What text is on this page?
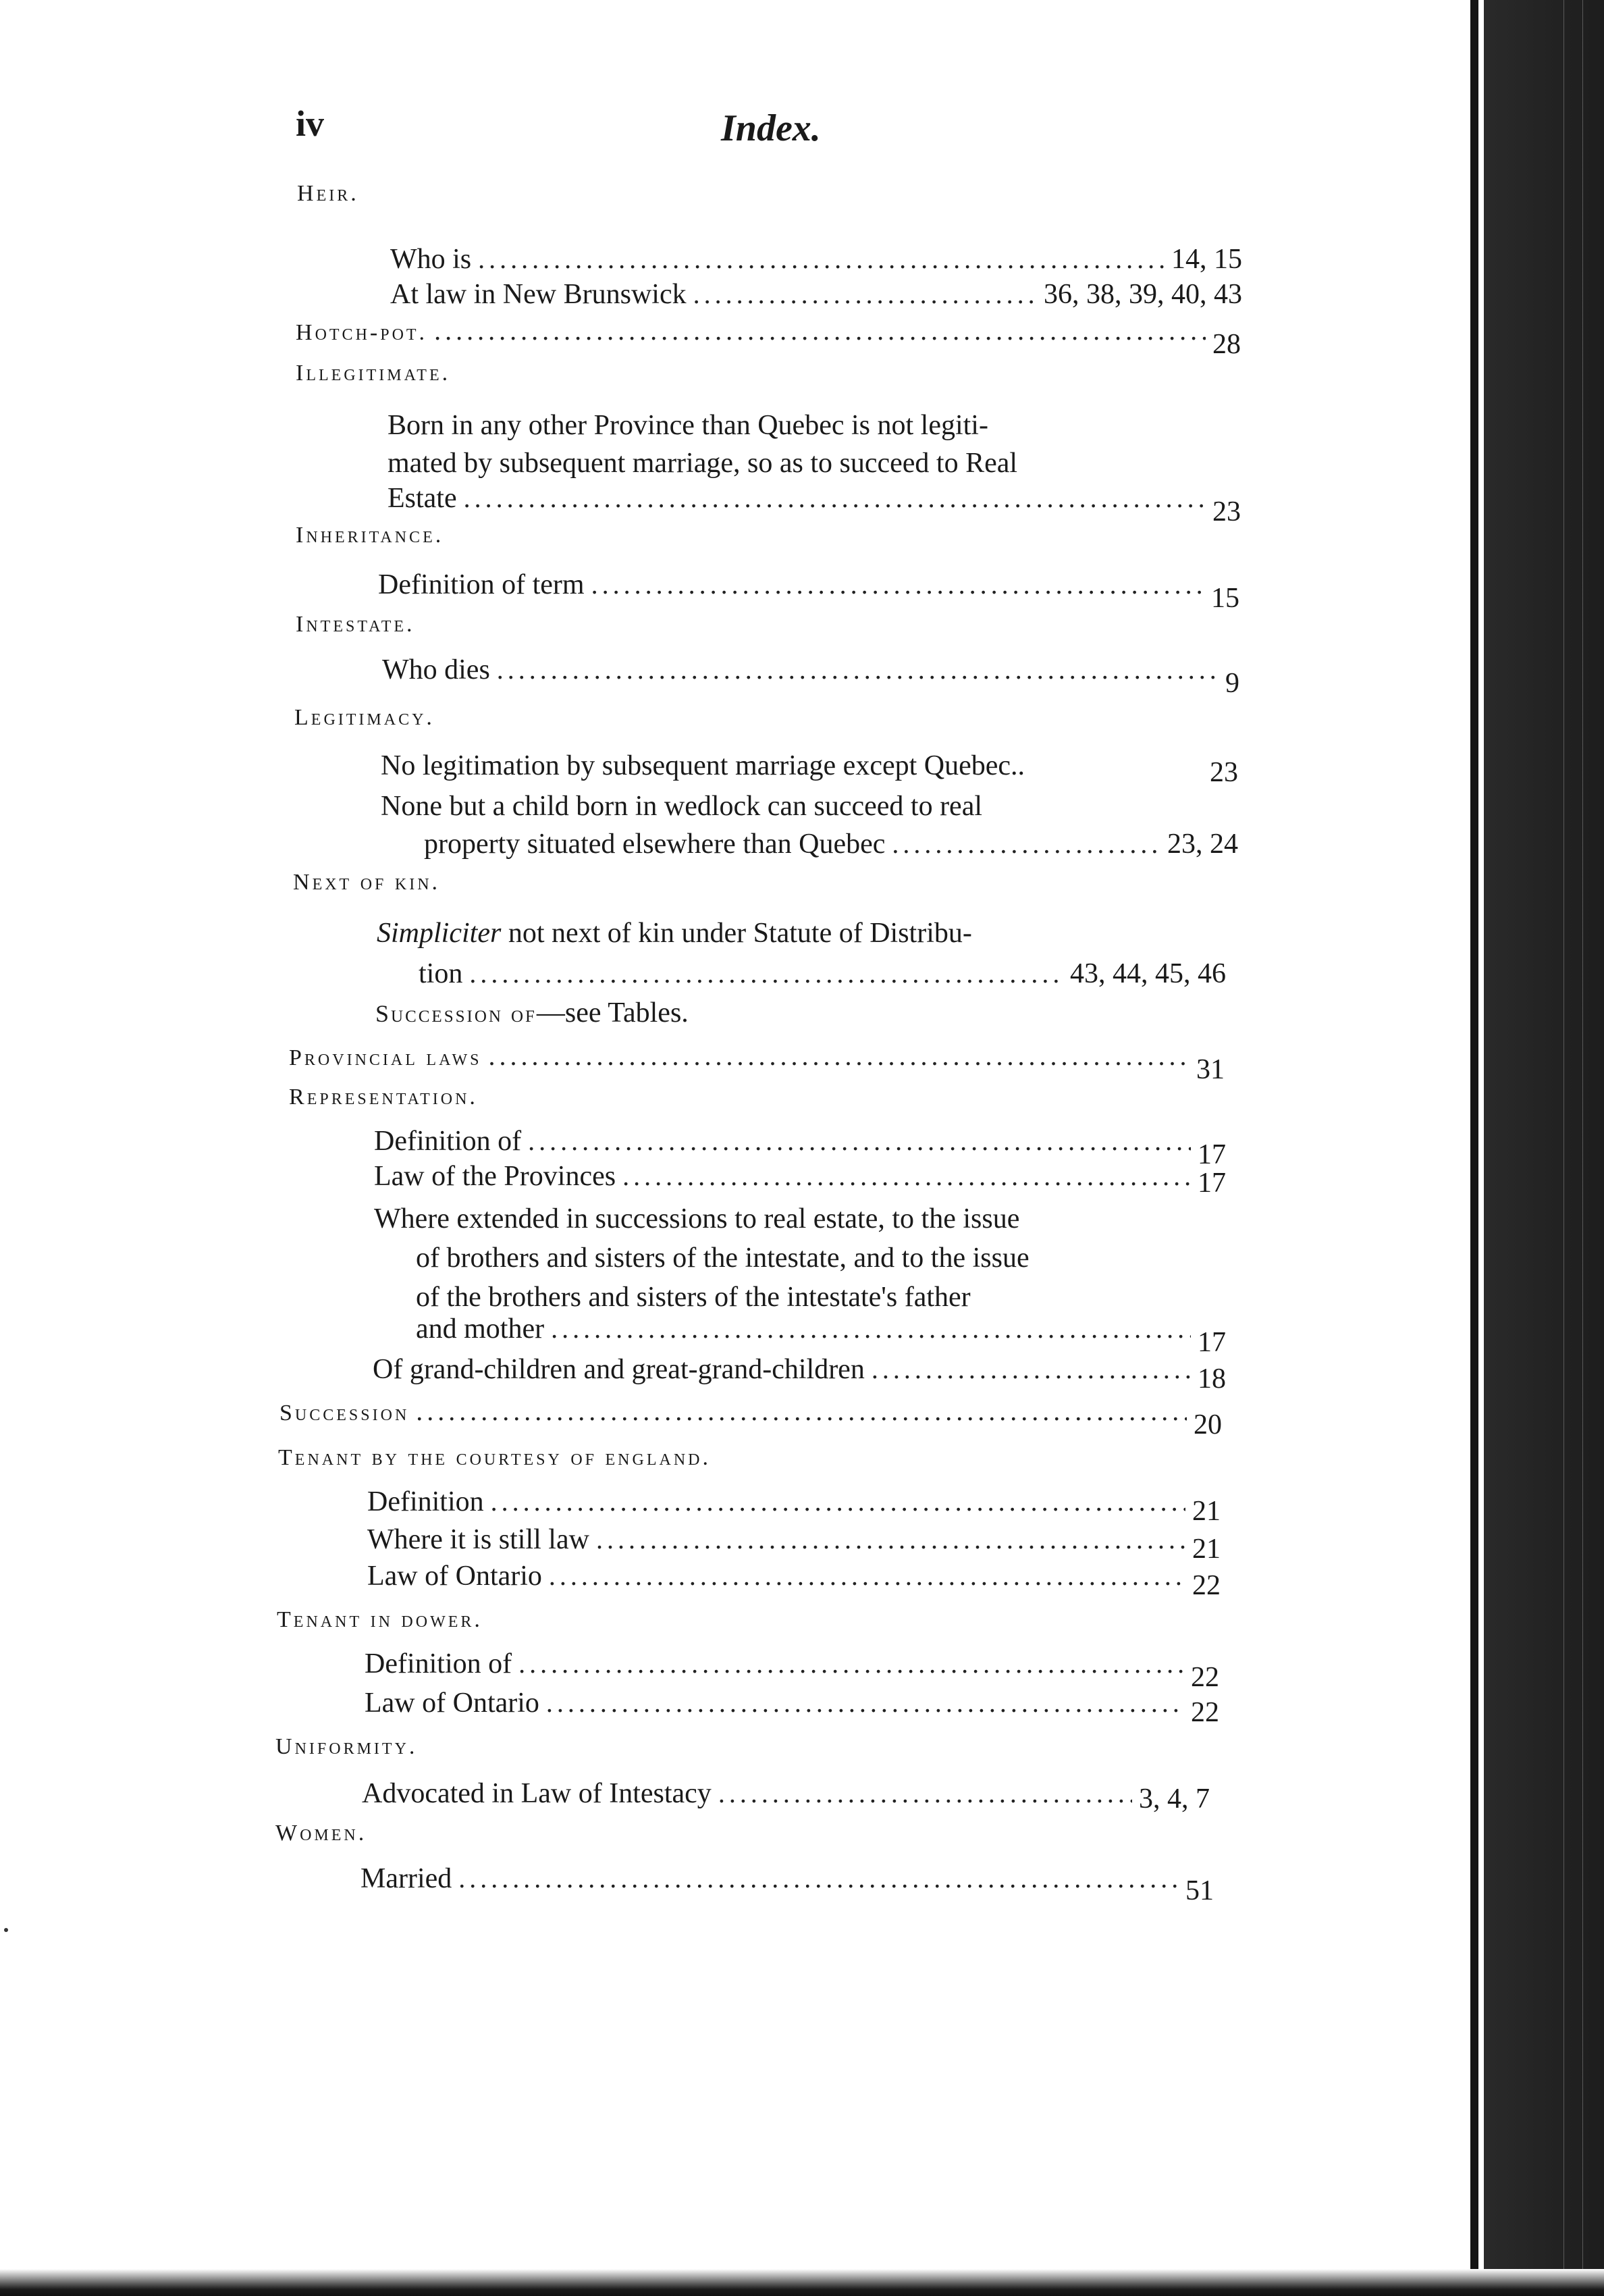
iv	Index.
Heir.
Who is .....	14, 15
At law in New Brunswick .....	36, 38, 39, 40, 43
Hotch-pot. .....	28
Illegitimate.
Born in any other Province than Quebec is not legiti-
mated by subsequent marriage, so as to succeed to Real
Estate .....	23
Inheritance.
Definition of term .....	15
Intestate.
Who dies .....	9
Legitimacy.
No legitimation by subsequent marriage except Quebec..	23
None but a child born in wedlock can succeed to real
property situated elsewhere than Quebec .....	23, 24
Next of kin.
Simpliciter not next of kin under Statute of Distribu-
tion .....	43, 44, 45, 46
Succession of —see Tables.
Provincial laws .....	31
Representation.
Definition of .....	17
Law of the Provinces .....	17
Where extended in successions to real estate, to the issue
of brothers and sisters of the intestate, and to the issue
of the brothers and sisters of the intestate's father
and mother .....	17
Of grand-children and great-grand-children .....	18
Succession .....	20
Tenant by the courtesy of england.
Definition .....	21
Where it is still law .....	21
Law of Ontario .....	22
Tenant in dower.
Definition of .....	22
Law of Ontario .....	22
Uniformity.
Advocated in Law of Intestacy .....	3, 4, 7
Women.
Married .....	51
